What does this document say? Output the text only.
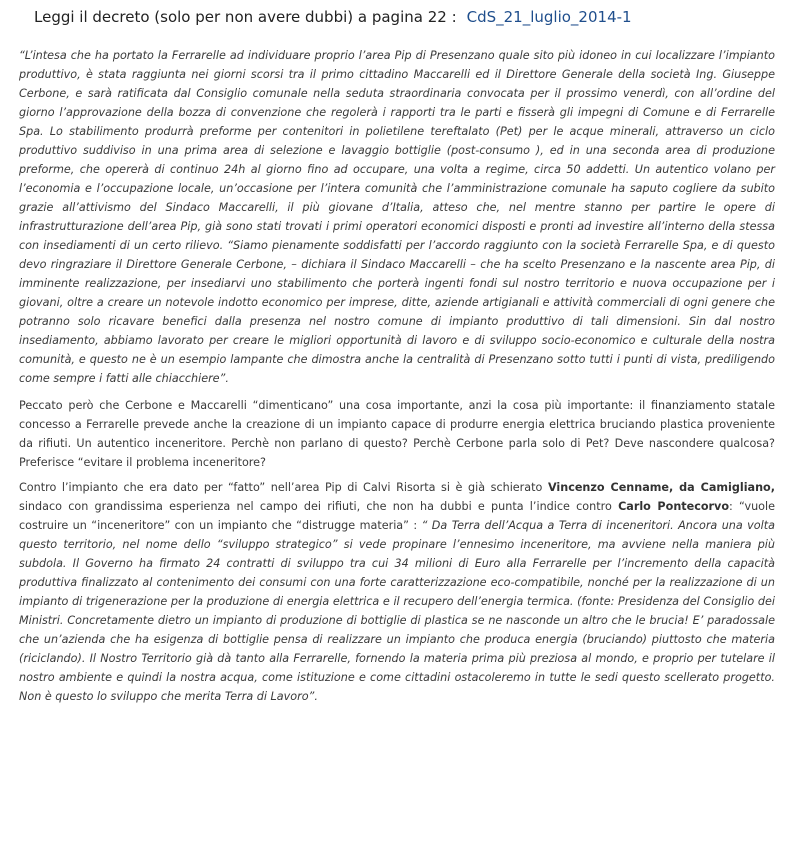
Leggi il decreto (solo per non avere dubbi) a pagina 22 : CdS_21_luglio_2014-1

“L’intesa che ha portato la Ferrarelle ad individuare proprio l’area Pip di Presenzano quale sito più idoneo in cui localizzare l’impianto produttivo, è stata raggiunta nei giorni scorsi tra il primo cittadino Maccarelli ed il Direttore Generale della società Ing. Giuseppe Cerbone, e sarà ratificata dal Consiglio comunale nella seduta straordinaria convocata per il prossimo venerdì, con all’ordine del giorno l’approvazione della bozza di convenzione che regolerà i rapporti tra le parti e fisserà gli impegni di Comune e di Ferrarelle Spa. Lo stabilimento produrrà preforme per contenitori in polietilene tereftalato (Pet) per le acque minerali, attraverso un ciclo produttivo suddiviso in una prima area di selezione e lavaggio bottiglie (post-consumo ), ed in una seconda area di produzione preforme, che opererà di continuo 24h al giorno fino ad occupare, una volta a regime, circa 50 addetti. Un autentico volano per l’economia e l’occupazione locale, un’occasione per l’intera comunità che l’amministrazione comunale ha saputo cogliere da subito grazie all’attivismo del Sindaco Maccarelli, il più giovane d’Italia, atteso che, nel mentre stanno per partire le opere di infrastrutturazione dell’area Pip, già sono stati trovati i primi operatori economici disposti e pronti ad investire all’interno della stessa con insediamenti di un certo rilievo. “Siamo pienamente soddisfatti per l’accordo raggiunto con la società Ferrarelle Spa, e di questo devo ringraziare il Direttore Generale Cerbone, – dichiara il Sindaco Maccarelli – che ha scelto Presenzano e la nascente area Pip, di imminente realizzazione, per insediarvi uno stabilimento che porterà ingenti fondi sul nostro territorio e nuova occupazione per i giovani, oltre a creare un notevole indotto economico per imprese, ditte, aziende artigianali e attività commerciali di ogni genere che potranno solo ricavare benefici dalla presenza nel nostro comune di impianto produttivo di tali dimensioni. Sin dal nostro insediamento, abbiamo lavorato per creare le migliori opportunità di lavoro e di sviluppo socio-economico e culturale della nostra comunità, e questo ne è un esempio lampante che dimostra anche la centralità di Presenzano sotto tutti i punti di vista, prediligendo come sempre i fatti alle chiacchiere”.

Peccato però che Cerbone e Maccarelli “dimenticano” una cosa importante, anzi la cosa più importante: il finanziamento statale concesso a Ferrarelle prevede anche la creazione di un impianto capace di produrre energia elettrica bruciando plastica proveniente da rifiuti. Un autentico inceneritore. Perchè non parlano di questo? Perchè Cerbone parla solo di Pet? Deve nascondere qualcosa? Preferisce “evitare il problema inceneritore?

Contro l’impianto che era dato per “fatto” nell’area Pip di Calvi Risorta si è già schierato Vincenzo Cenname, da Camigliano, sindaco con grandissima esperienza nel campo dei rifiuti, che non ha dubbi e punta l’indice contro Carlo Pontecorvo: “vuole costruire un “inceneritore” con un impianto che “distrugge materia” : “ Da Terra dell’Acqua a Terra di inceneritori. Ancora una volta questo territorio, nel nome dello “sviluppo strategico” si vede propinare l’ennesimo inceneritore, ma avviene nella maniera più subdola. Il Governo ha firmato 24 contratti di sviluppo tra cui 34 milioni di Euro alla Ferrarelle per l’incremento della capacità produttiva finalizzato al contenimento dei consumi con una forte caratterizzazione eco-compatibile, nonché per la realizzazione di un impianto di trigenerazione per la produzione di energia elettrica e il recupero dell’energia termica. (fonte: Presidenza del Consiglio dei Ministri. Concretamente dietro un impianto di produzione di bottiglie di plastica se ne nasconde un altro che le brucia! E’ paradossale che un’azienda che ha esigenza di bottiglie pensa di realizzare un impianto che produca energia (bruciando) piuttosto che materia (riciclando). Il Nostro Territorio già dà tanto alla Ferrarelle, fornendo la materia prima più preziosa al mondo, e proprio per tutelare il nostro ambiente e quindi la nostra acqua, come istituzione e come cittadini ostacoleremo in tutte le sedi questo scellerato progetto. Non è questo lo sviluppo che merita Terra di Lavoro”.
